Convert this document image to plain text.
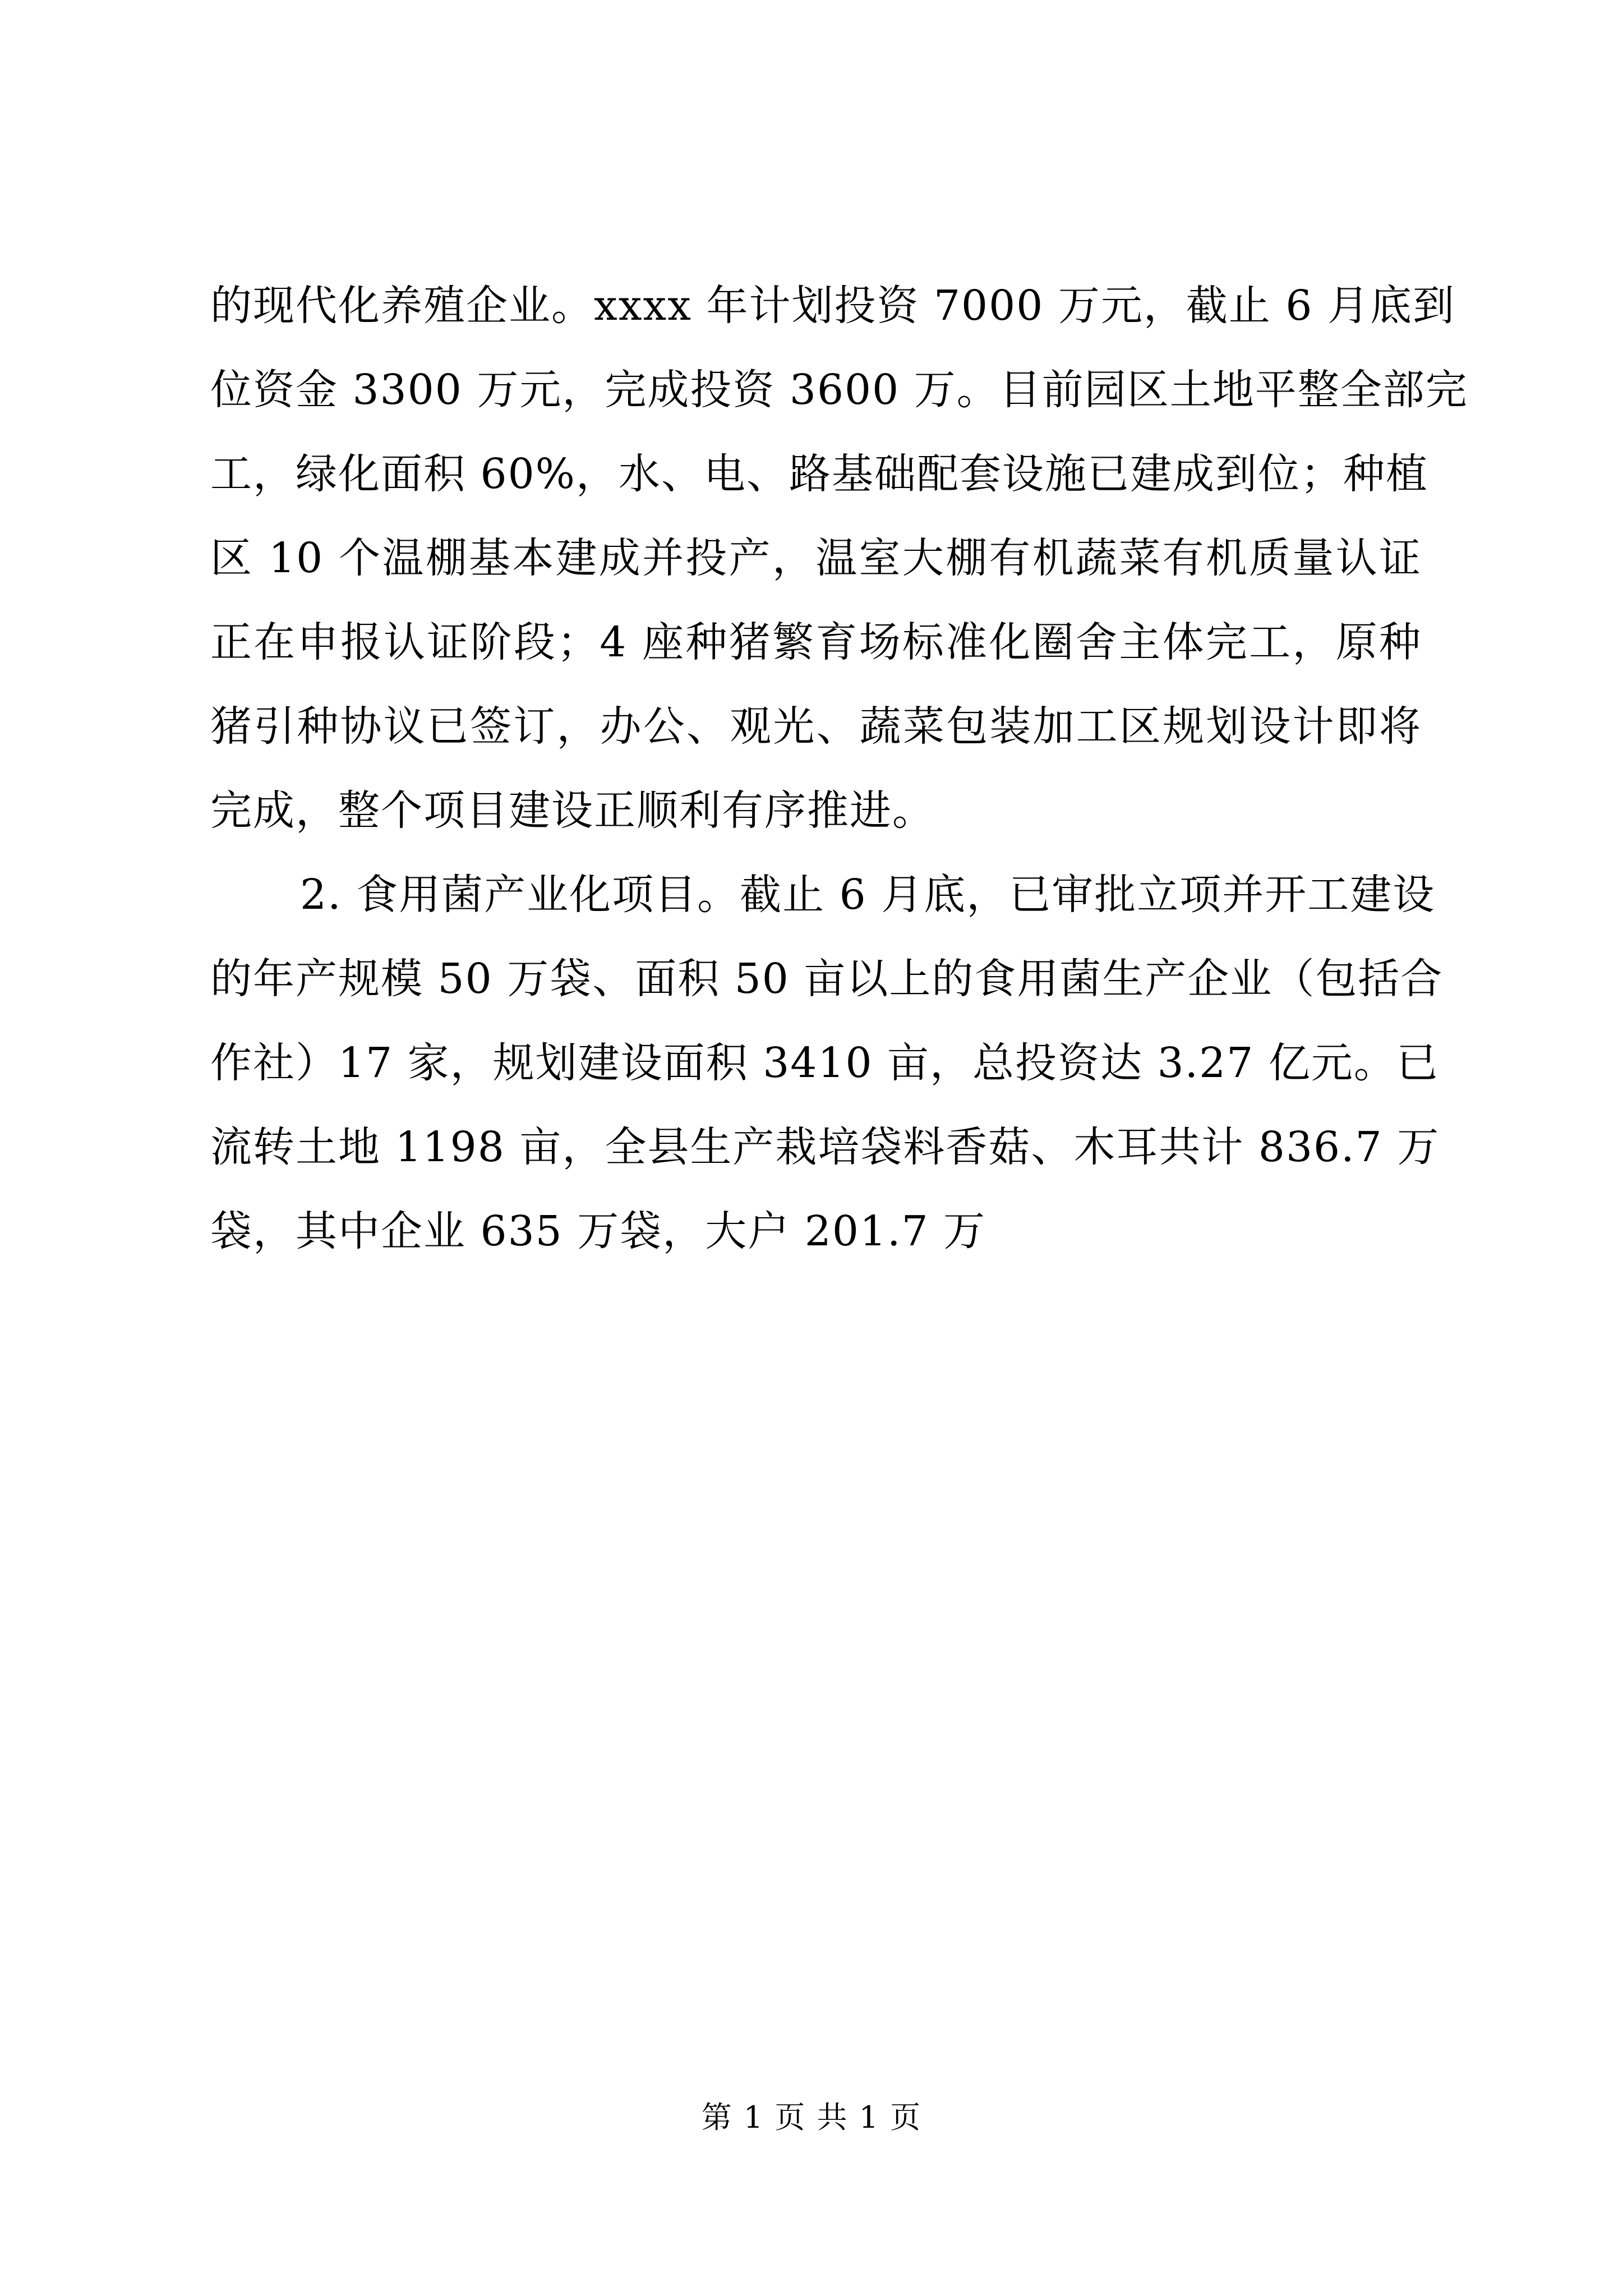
的现代化养殖企业。xxxx 年计划投资 7000 万元，截止 6 月底到
位资金 3300 万元，完成投资 3600 万。目前园区土地平整全部完
工，绿化面积 60%，水、电、路基础配套设施已建成到位；种植
区 10 个温棚基本建成并投产，温室大棚有机蔬菜有机质量认证
正在申报认证阶段；4 座种猪繁育场标准化圈舍主体完工，原种
猪引种协议已签订，办公、观光、蔬菜包装加工区规划设计即将
完成，整个项目建设正顺利有序推进。
2. 食用菌产业化项目。截止 6 月底，已审批立项并开工建设
的年产规模 50 万袋、面积 50 亩以上的食用菌生产企业（包括合
作社）17 家，规划建设面积 3410 亩，总投资达 3.27 亿元。已
流转土地 1198 亩，全县生产栽培袋料香菇、木耳共计 836.7 万
袋，其中企业 635 万袋，大户 201.7 万
第 1 页 共 1 页
